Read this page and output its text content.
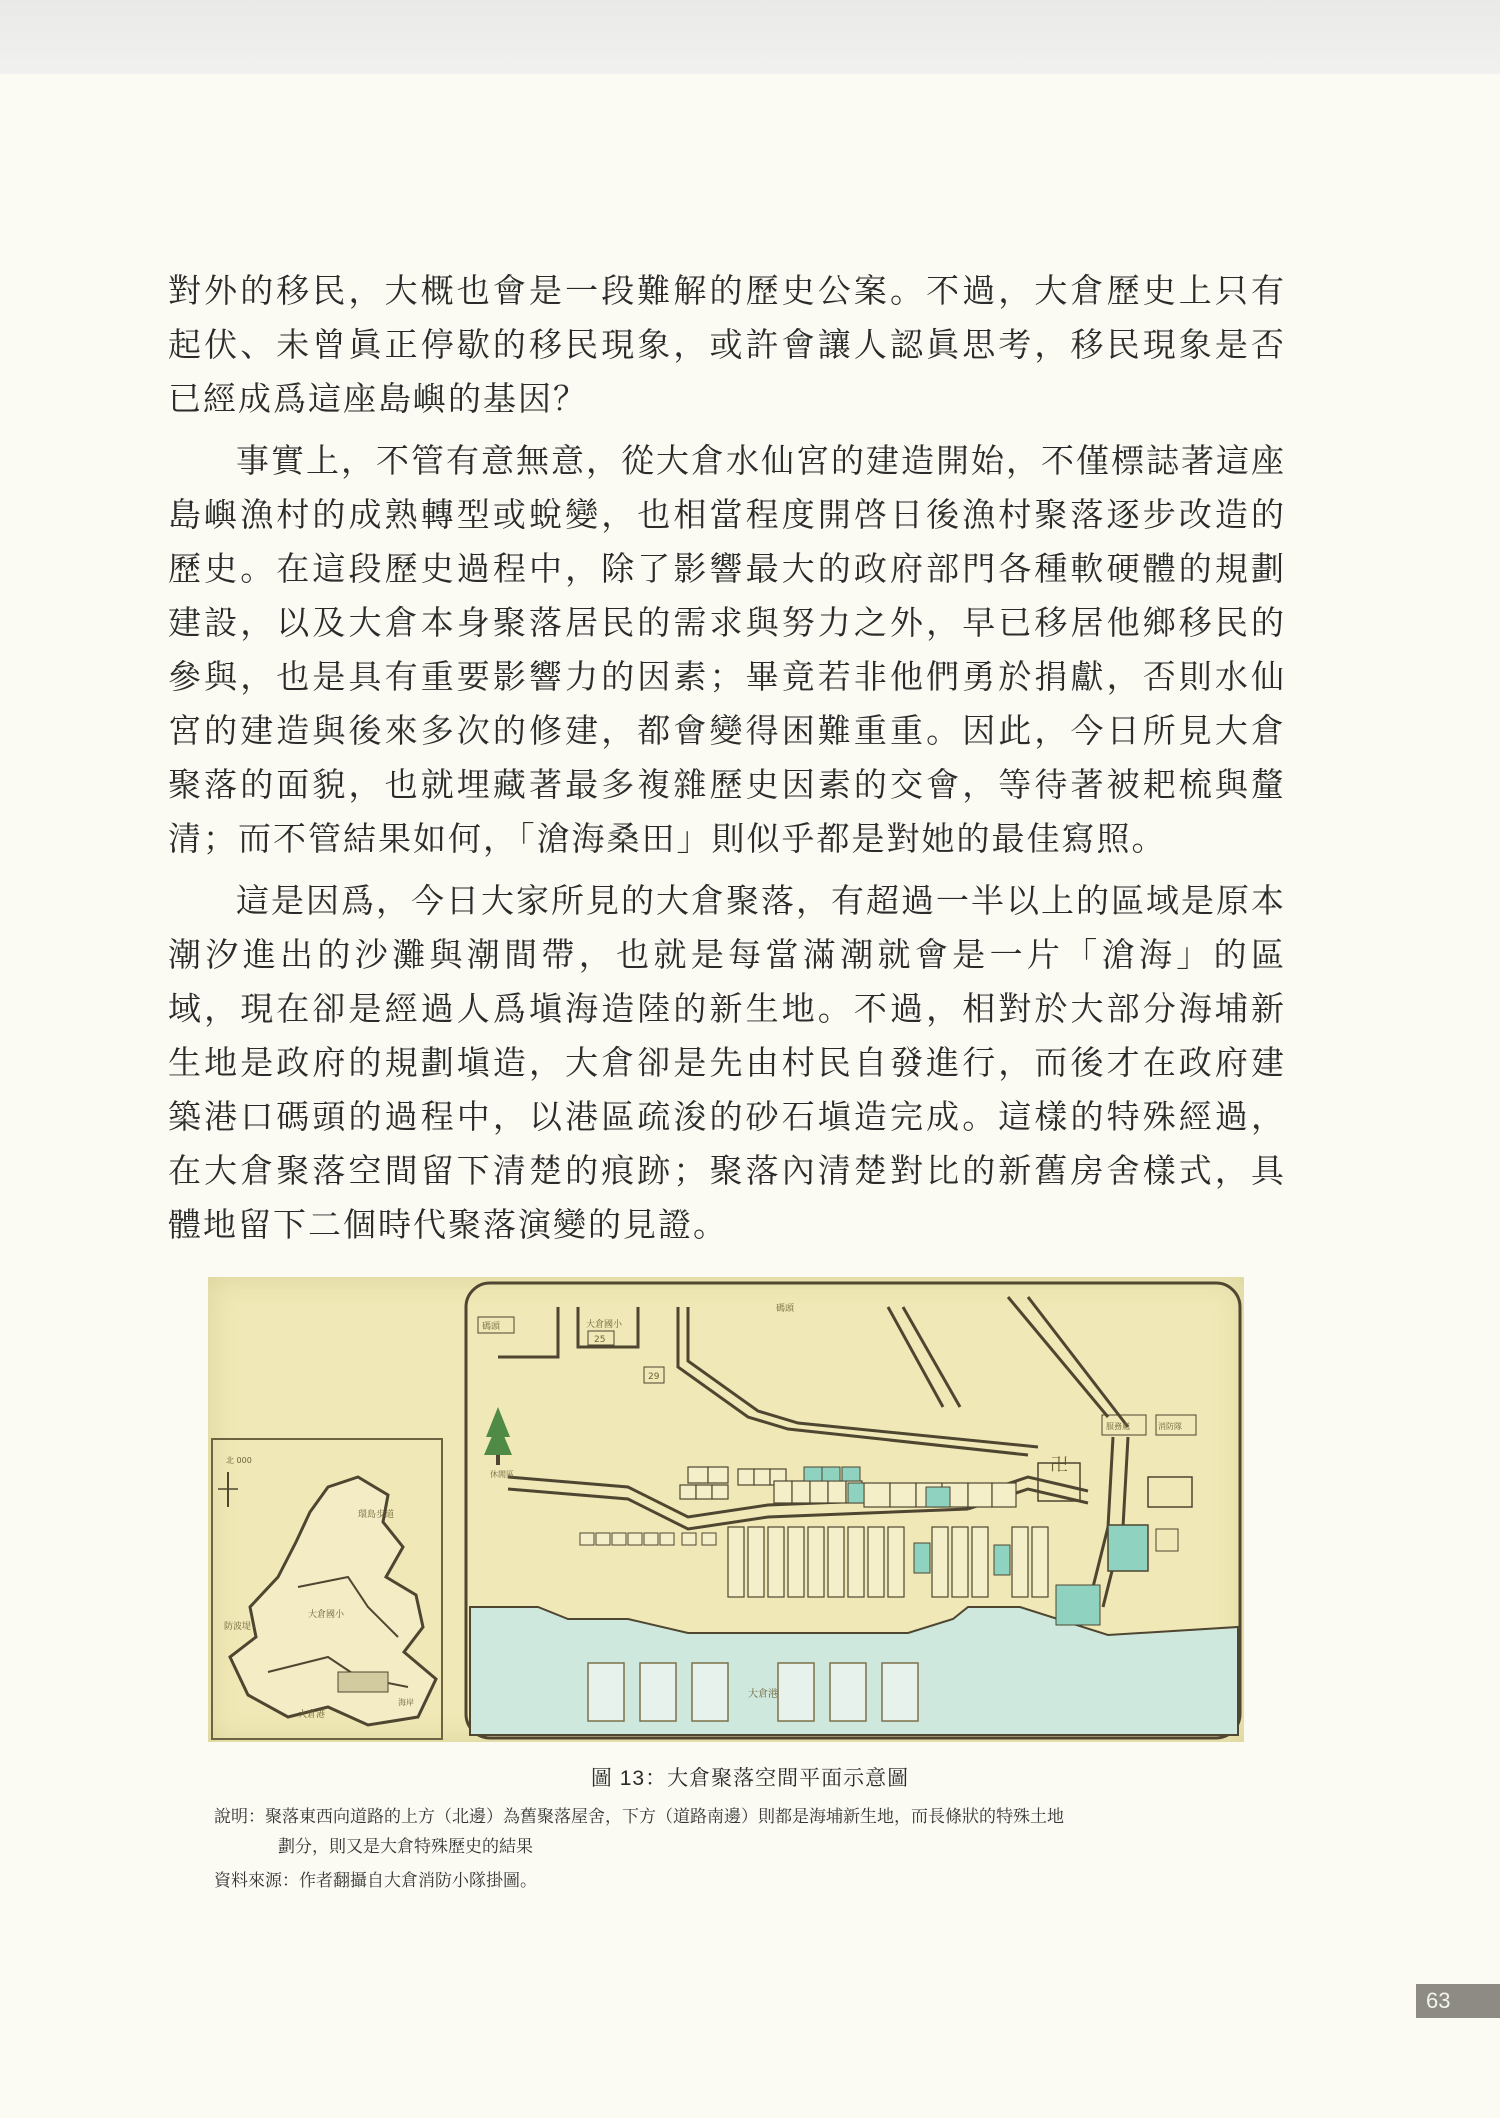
對外的移民，大概也會是一段難解的歷史公案。不過，大倉歷史上只有起伏、未曾眞正停歇的移民現象，或許會讓人認眞思考，移民現象是否已經成爲這座島嶼的基因？

事實上，不管有意無意，從大倉水仙宮的建造開始，不僅標誌著這座島嶼漁村的成熟轉型或蛻變，也相當程度開啓日後漁村聚落逐步改造的歷史。在這段歷史過程中，除了影響最大的政府部門各種軟硬體的規劃建設，以及大倉本身聚落居民的需求與努力之外，早已移居他鄉移民的參與，也是具有重要影響力的因素；畢竟若非他們勇於捐獻，否則水仙宮的建造與後來多次的修建，都會變得困難重重。因此，今日所見大倉聚落的面貌，也就埋藏著最多複雜歷史因素的交會，等待著被耙梳與釐清；而不管結果如何，「滄海桑田」則似乎都是對她的最佳寫照。

這是因爲，今日大家所見的大倉聚落，有超過一半以上的區域是原本潮汐進出的沙灘與潮間帶，也就是每當滿潮就會是一片「滄海」的區域，現在卻是經過人爲塡海造陸的新生地。不過，相對於大部分海埔新生地是政府的規劃塡造，大倉卻是先由村民自發進行，而後才在政府建築港口碼頭的過程中，以港區疏浚的砂石塡造完成。這樣的特殊經過，在大倉聚落空間留下清楚的痕跡；聚落內清楚對比的新舊房舍樣式，具體地留下二個時代聚落演變的見證。

北 000
環島步道
大倉國小
防波堤
大倉港
海岸
大倉港
碼頭	大倉國小
25
29
碼頭
休閒區
服務處	消防隊
卍
圖 13：大倉聚落空間平面示意圖
說明：聚落東西向道路的上方（北邊）為舊聚落屋舍，下方（道路南邊）則都是海埔新生地，而長條狀的特殊土地
劃分，則又是大倉特殊歷史的結果
資料來源：作者翻攝自大倉消防小隊掛圖。
63
